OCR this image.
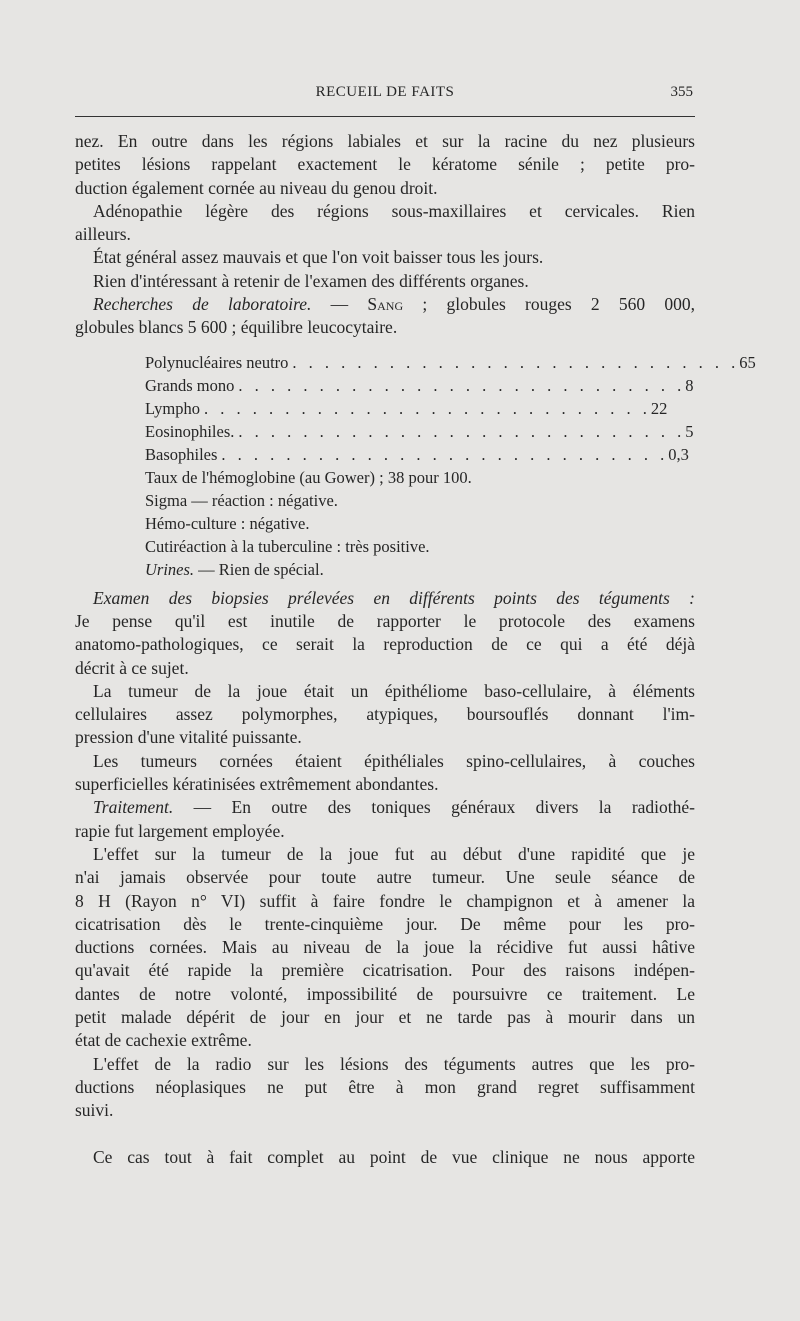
RECUEIL DE FAITS	355
nez. En outre dans les régions labiales et sur la racine du nez plusieurs
petites lésions rappelant exactement le kératome sénile ; petite pro-
duction également cornée au niveau du genou droit.
Adénopathie légère des régions sous-maxillaires et cervicales. Rien
ailleurs.
État général assez mauvais et que l'on voit baisser tous les jours.
Rien d'intéressant à retenir de l'examen des différents organes.
Recherches de laboratoire. — Sang ; globules rouges 2 560 000,
globules blancs 5 600 ; équilibre leucocytaire.
Polynucléaires neutro . . . . . . . . . . . . . . . . . . . . . . . . . . . . 65
Grands mono . . . . . . . . . . . . . . . . . . . . . . . . . . . . 8
Lympho . . . . . . . . . . . . . . . . . . . . . . . . . . . . 22
Eosinophiles. . . . . . . . . . . . . . . . . . . . . . . . . . . . . 5
Basophiles . . . . . . . . . . . . . . . . . . . . . . . . . . . . 0,3
Taux de l'hémoglobine (au Gower) ; 38 pour 100.
Sigma — réaction : négative.
Hémo-culture : négative.
Cutiréaction à la tuberculine : très positive.
Urines. — Rien de spécial.
Examen des biopsies prélevées en différents points des téguments :
Je pense qu'il est inutile de rapporter le protocole des examens
anatomo-pathologiques, ce serait la reproduction de ce qui a été déjà
décrit à ce sujet.
La tumeur de la joue était un épithéliome baso-cellulaire, à éléments
cellulaires assez polymorphes, atypiques, boursouflés donnant l'im-
pression d'une vitalité puissante.
Les tumeurs cornées étaient épithéliales spino-cellulaires, à couches
superficielles kératinisées extrêmement abondantes.
Traitement. — En outre des toniques généraux divers la radiothé-
rapie fut largement employée.
L'effet sur la tumeur de la joue fut au début d'une rapidité que je
n'ai jamais observée pour toute autre tumeur. Une seule séance de
8 H (Rayon n° VI) suffit à faire fondre le champignon et à amener la
cicatrisation dès le trente-cinquième jour. De même pour les pro-
ductions cornées. Mais au niveau de la joue la récidive fut aussi hâtive
qu'avait été rapide la première cicatrisation. Pour des raisons indépen-
dantes de notre volonté, impossibilité de poursuivre ce traitement. Le
petit malade dépérit de jour en jour et ne tarde pas à mourir dans un
état de cachexie extrême.
L'effet de la radio sur les lésions des téguments autres que les pro-
ductions néoplasiques ne put être à mon grand regret suffisamment
suivi.
Ce cas tout à fait complet au point de vue clinique ne nous apporte
